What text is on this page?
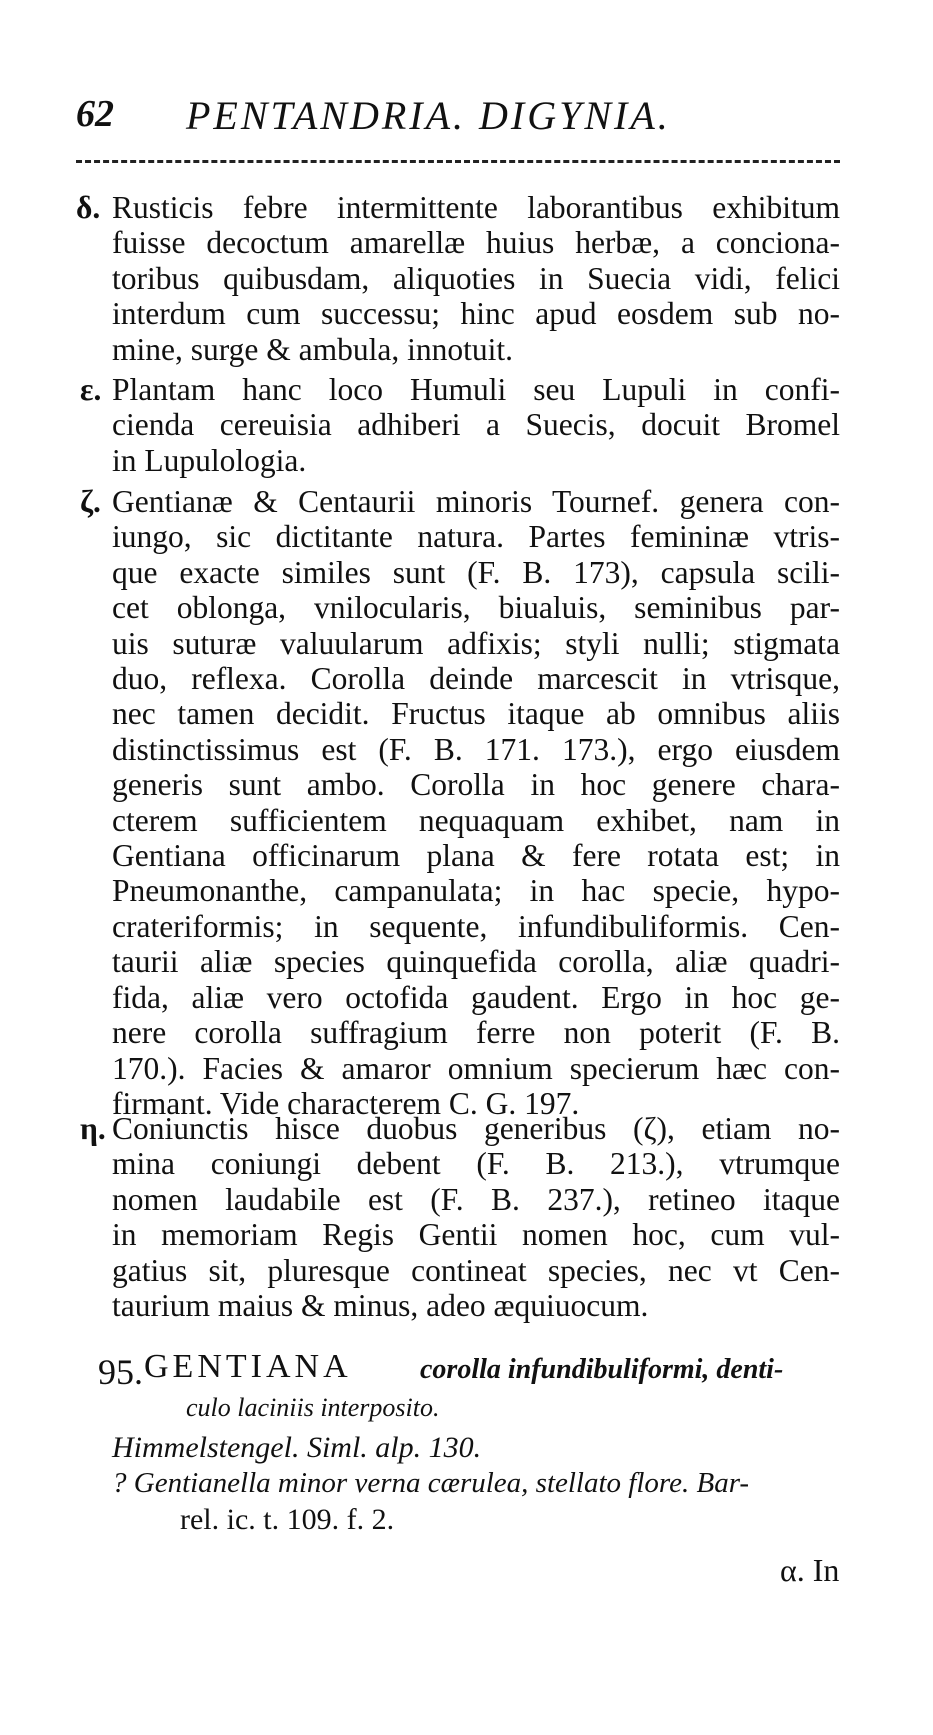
62 PENTANDRIA. DIGYNIA.
δ. Rusticis febre intermittente laborantibus exhibitum
fuisse decoctum amarellæ huius herbæ, a conciona-
toribus quibusdam, aliquoties in Suecia vidi, felici
interdum cum successu; hinc apud eosdem sub no-
mine, surge & ambula, innotuit.
ε. Plantam hanc loco Humuli seu Lupuli in confi-
cienda cereuisia adhiberi a Suecis, docuit Bromel
in Lupulologia.
ζ. Gentianæ & Centaurii minoris Tournef. genera con-
iungo, sic dictitante natura. Partes femininæ vtris-
que exacte similes sunt (F. B. 173), capsula scili-
cet oblonga, vnilocularis, biualuis, seminibus par-
uis suturæ valuularum adfixis; styli nulli; stigmata
duo, reflexa. Corolla deinde marcescit in vtrisque,
nec tamen decidit. Fructus itaque ab omnibus aliis
distinctissimus est (F. B. 171. 173.), ergo eiusdem
generis sunt ambo. Corolla in hoc genere chara-
cterem sufficientem nequaquam exhibet, nam in
Gentiana officinarum plana & fere rotata est; in
Pneumonanthe, campanulata; in hac specie, hypo-
crateriformis; in sequente, infundibuliformis. Cen-
taurii aliæ species quinquefida corolla, aliæ quadri-
fida, aliæ vero octofida gaudent. Ergo in hoc ge-
nere corolla suffragium ferre non poterit (F. B.
170.). Facies & amaror omnium specierum hæc con-
firmant. Vide characterem C. G. 197.
η. Coniunctis hisce duobus generibus (ζ), etiam no-
mina coniungi debent (F. B. 213.), vtrumque
nomen laudabile est (F. B. 237.), retineo itaque
in memoriam Regis Gentii nomen hoc, cum vul-
gatius sit, pluresque contineat species, nec vt Cen-
taurium maius & minus, adeo æquiuocum.
95. GENTIANA corolla infundibuliformi, denti-
culo laciniis interposito.
Himmelstengel. Siml. alp. 130.
? Gentianella minor verna cærulea, stellato flore. Bar-
rel. ic. t. 109. f. 2.
α. In
